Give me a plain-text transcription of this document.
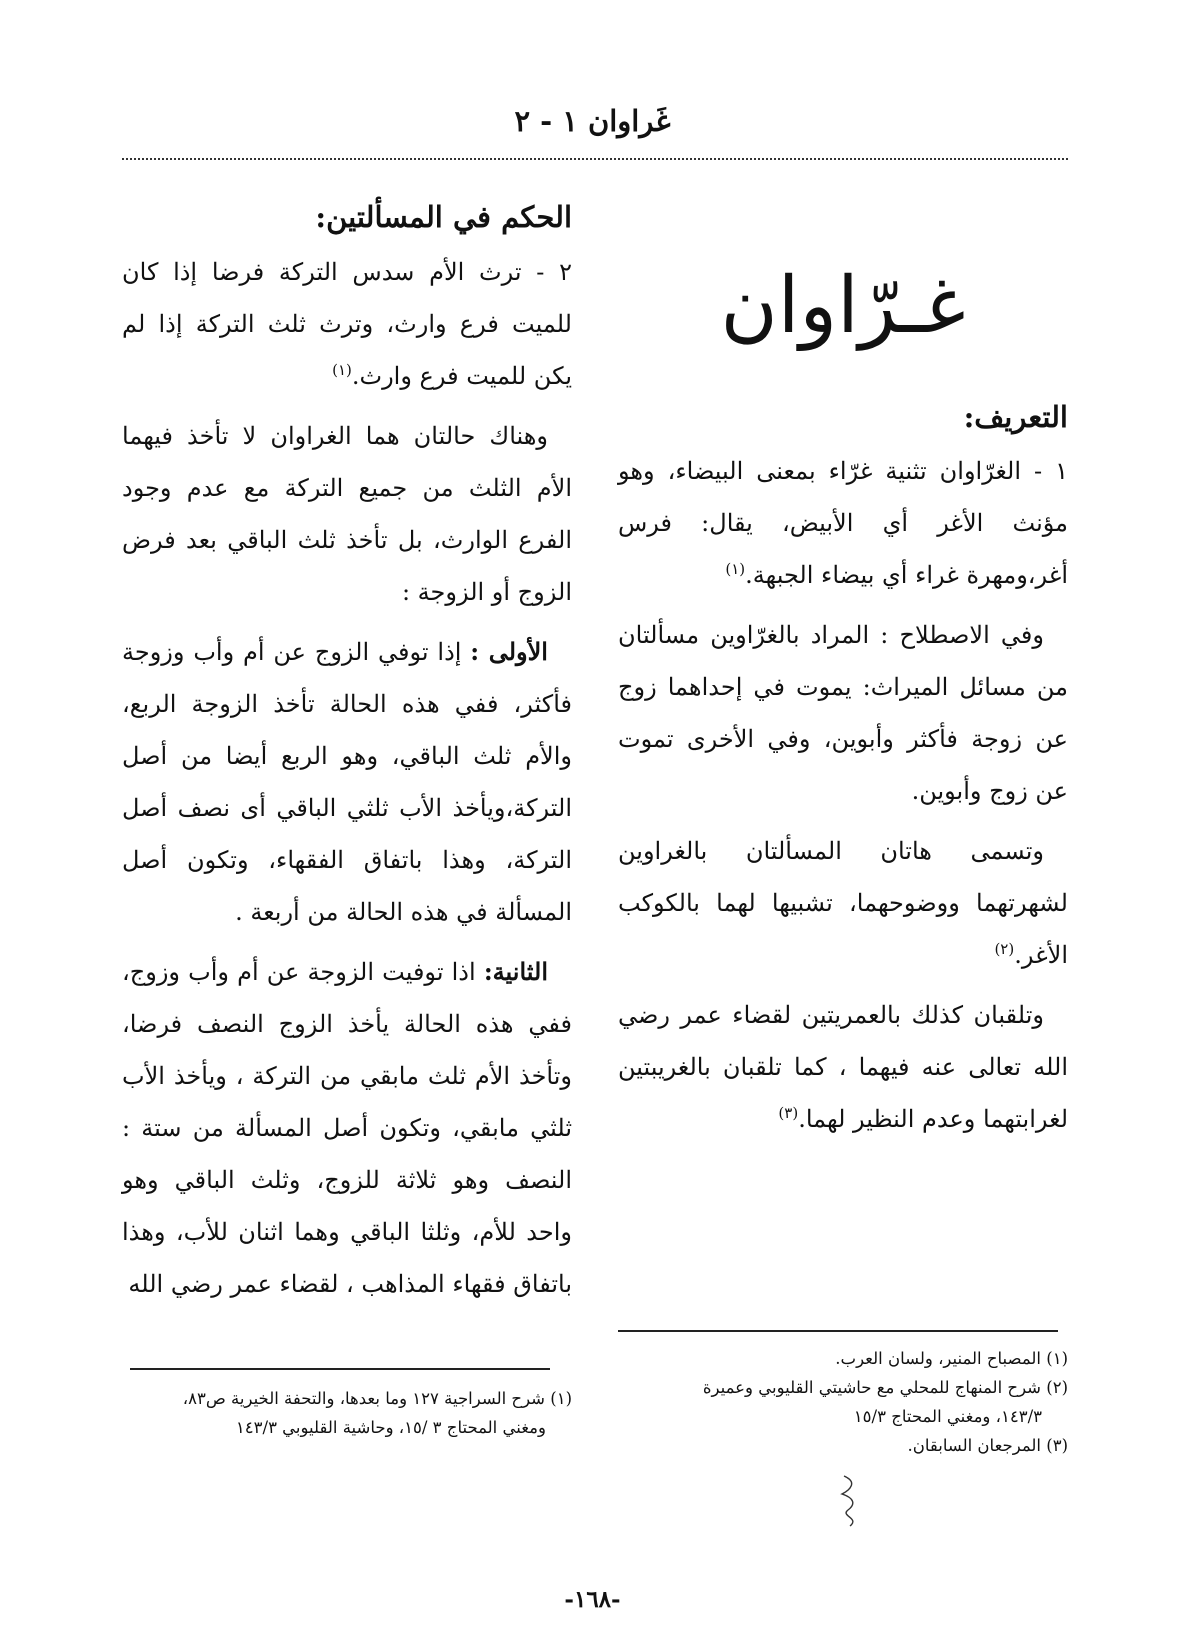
غَراوان ١ - ٢
غـرّاوان
التعريف:

١ - الغرّاوان تثنية غرّاء بمعنى البيضاء، وهو مؤنث الأغر أي الأبيض، يقال: فرس أغر،ومهرة غراء أي بيضاء الجبهة.$^{(١)}$

وفي الاصطلاح : المراد بالغرّاوين مسألتان من مسائل الميراث: يموت في إحداهما زوج عن زوجة فأكثر وأبوين، وفي الأخرى تموت عن زوج وأبوين.

وتسمى هاتان المسألتان بالغراوين لشهرتهما ووضوحهما، تشبيها لهما بالكوكب الأغر.$^{(٢)}$

وتلقبان كذلك بالعمريتين لقضاء عمر رضي الله تعالى عنه فيهما ، كما تلقبان بالغريبتين لغرابتهما وعدم النظير لهما.$^{(٣)}$

الحكم في المسألتين:

٢ - ترث الأم سدس التركة فرضا إذا كان للميت فرع وارث، وترث ثلث التركة إذا لم يكن للميت فرع وارث.$^{(١)}$

وهناك حالتان هما الغراوان لا تأخذ فيهما الأم الثلث من جميع التركة مع عدم وجود الفرع الوارث، بل تأخذ ثلث الباقي بعد فرض الزوج أو الزوجة :

الأولى : إذا توفي الزوج عن أم وأب وزوجة فأكثر، ففي هذه الحالة تأخذ الزوجة الربع، والأم ثلث الباقي، وهو الربع أيضا من أصل التركة،ويأخذ الأب ثلثي الباقي أى نصف أصل التركة، وهذا باتفاق الفقهاء، وتكون أصل المسألة في هذه الحالة من أربعة .

الثانية: اذا توفيت الزوجة عن أم وأب وزوج، ففي هذه الحالة يأخذ الزوج النصف فرضا، وتأخذ الأم ثلث مابقي من التركة ، ويأخذ الأب ثلثي مابقي، وتكون أصل المسألة من ستة : النصف وهو ثلاثة للزوج، وثلث الباقي وهو واحد للأم، وثلثا الباقي وهما اثنان للأب، وهذا باتفاق فقهاء المذاهب ، لقضاء عمر رضي الله

(١) المصباح المنير، ولسان العرب.

(٢) شرح المنهاج للمحلي مع حاشيتي القليوبي وعميرة

١٤٣/٣، ومغني المحتاج ١٥/٣

(٣) المرجعان السابقان.

(١) شرح السراجية ١٢٧ وما بعدها، والتحفة الخيرية ص٨٣،

ومغني المحتاج ٣ /١٥، وحاشية القليوبي ١٤٣/٣

-١٦٨-
